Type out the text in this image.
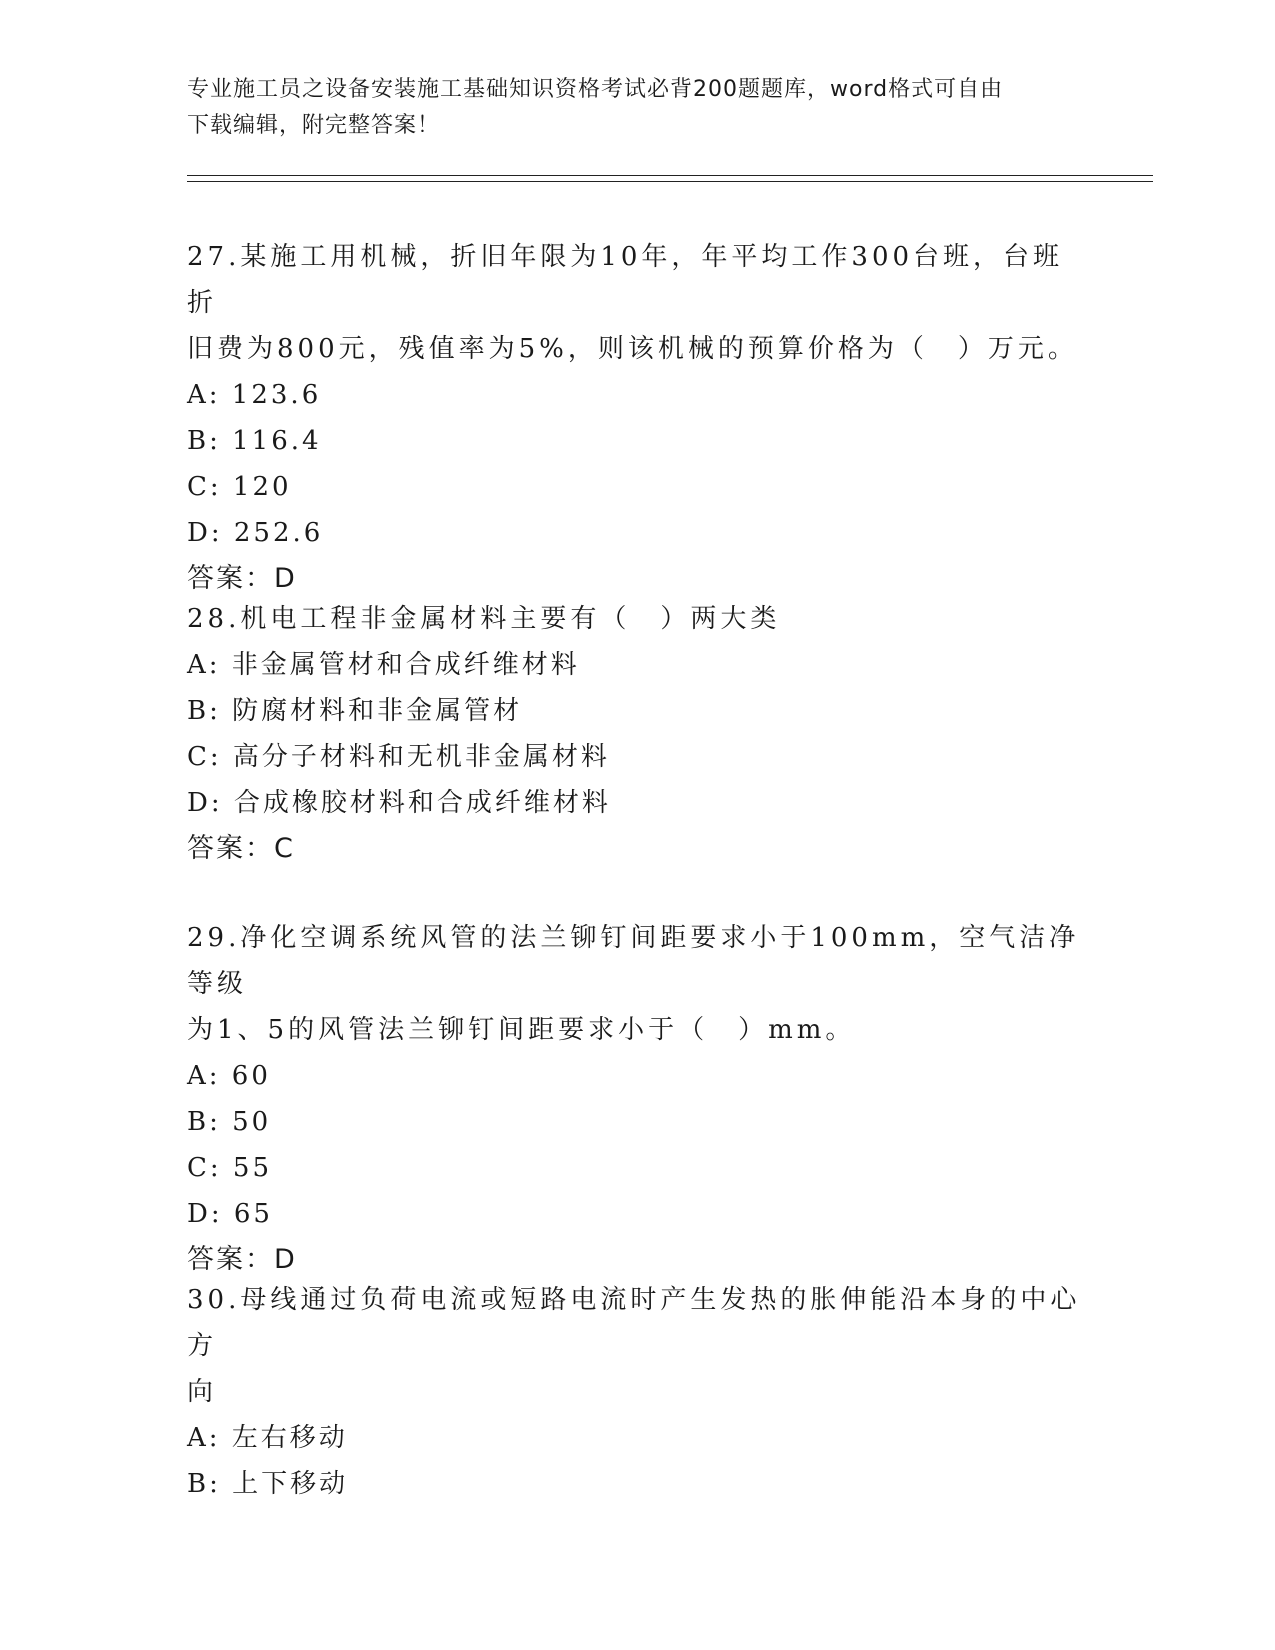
专业施工员之设备安装施工基础知识资格考试必背200题题库，word格式可自由
下载编辑，附完整答案！

27.某施工用机械，折旧年限为10年，年平均工作300台班，台班折

旧费为800元，残值率为5%，则该机械的预算价格为（　）万元。

A: 123.6

B: 116.4

C: 120

D: 252.6

答案：D

28.机电工程非金属材料主要有（　）两大类

A: 非金属管材和合成纤维材料

B: 防腐材料和非金属管材

C: 高分子材料和无机非金属材料

D: 合成橡胶材料和合成纤维材料

答案：C

29.净化空调系统风管的法兰铆钉间距要求小于100mm，空气洁净等级

为1、5的风管法兰铆钉间距要求小于（　）mm。

A: 60

B: 50

C: 55

D: 65

答案：D

30.母线通过负荷电流或短路电流时产生发热的胀伸能沿本身的中心方

向

A: 左右移动

B: 上下移动
